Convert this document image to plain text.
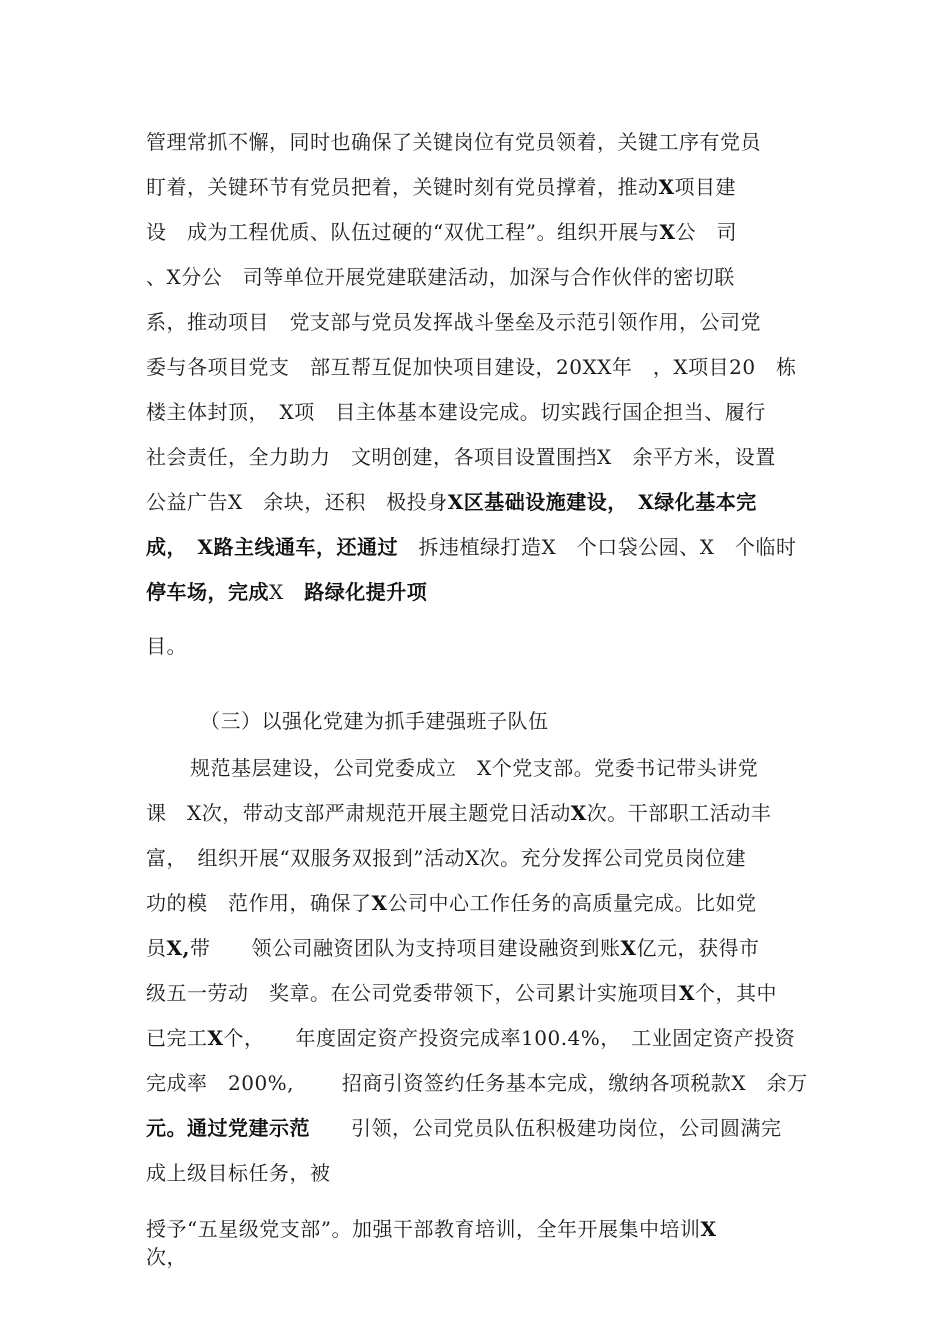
管理常抓不懈，同时也确保了关键岗位有党员领着，关键工序有党员
盯着，关键环节有党员把着，关键时刻有党员撑着，推动X项目建
设　成为工程优质、队伍过硬的“双优工程”。组织开展与X公　司
、X分公　司等单位开展党建联建活动，加深与合作伙伴的密切联
系，推动项目　党支部与党员发挥战斗堡垒及示范引领作用，公司党
委与各项目党支　部互帮互促加快项目建设，20XX年　，X项目20　栋
楼主体封顶，　X项　目主体基本建设完成。切实践行国企担当、履行
社会责任，全力助力　文明创建，各项目设置围挡X　余平方米，设置
公益广告X　余块，还积　极投身X区基础设施建设，　X绿化基本完
成，　X路主线通车，还通过　拆违植绿打造X　个口袋公园、X　个临时
停车场，完成X　路绿化提升项
目。
（三）以强化党建为抓手建强班子队伍
规范基层建设，公司党委成立　X个党支部。党委书记带头讲党
课　X次，带动支部严肃规范开展主题党日活动X次。干部职工活动丰
富，　组织开展“双服务双报到”活动X次。充分发挥公司党员岗位建
功的模　范作用，确保了X公司中心工作任务的高质量完成。比如党
员X,带　　领公司融资团队为支持项目建设融资到账X亿元，获得市
级五一劳动　奖章。在公司党委带领下，公司累计实施项目X个，其中
已完工X个，　　年度固定资产投资完成率100.4%，　工业固定资产投资
完成率　200%,　　 招商引资签约任务基本完成，缴纳各项税款X　余万
元。通过党建示范　　引领，公司党员队伍积极建功岗位，公司圆满完
成上级目标任务，被
授予“五星级党支部”。加强干部教育培训，全年开展集中培训X
次，
